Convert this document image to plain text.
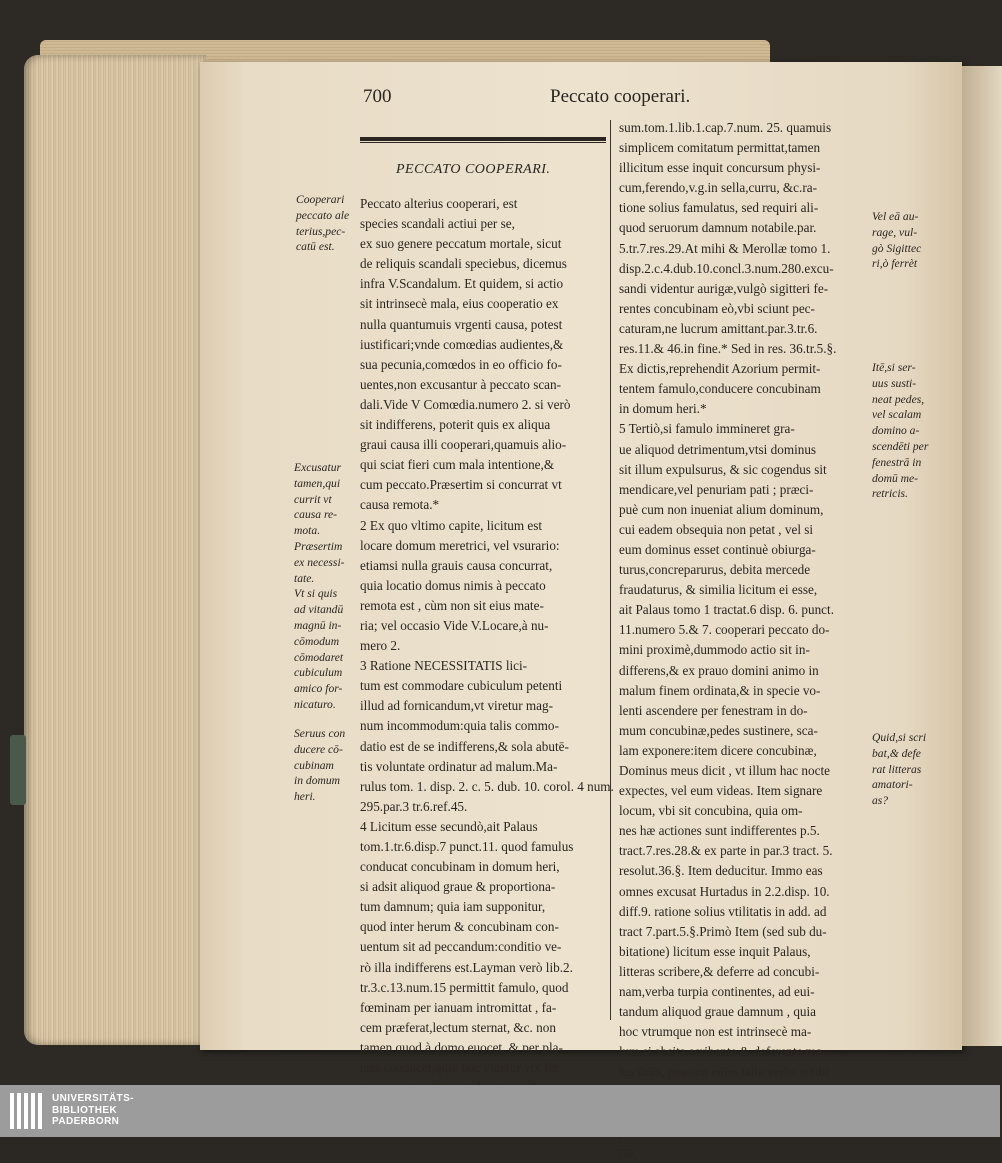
700	Peccato cooperari.
PECCATO COOPERARI.
Peccato alterius cooperari, est
species scandali actiui per se,
ex suo genere peccatum mortale, sicut
de reliquis scandali speciebus, dicemus
infra V.Scandalum. Et quidem, si actio
sit intrinsecè mala, eius cooperatio ex
nulla quantumuis vrgenti causa, potest
iustificari;vnde comœdias audientes,&
sua pecunia,comœdos in eo officio fo-
uentes,non excusantur à peccato scan-
dali.Vide V Comœdia.numero 2. si verò
sit indifferens, poterit quis ex aliqua
graui causa illi cooperari,quamuis alio-
qui sciat fieri cum mala intentione,&
cum peccato.Præsertim si concurrat vt
causa remota.*
2 Ex quo vltimo capite, licitum est
locare domum meretrici, vel vsurario:
etiamsi nulla grauis causa concurrat,
quia locatio domus nimis à peccato
remota est , cùm non sit eius mate-
ria; vel occasio Vide V.Locare,à nu-
mero 2.
3 Ratione NECESSITATIS lici-
tum est commodare cubiculum petenti
illud ad fornicandum,vt viretur mag-
num incommodum:quia talis commo-
datio est de se indifferens,& sola abutē-
tis voluntate ordinatur ad malum.Ma-
rulus tom. 1. disp. 2. c. 5. dub. 10. corol. 4 num.
295.par.3 tr.6.ref.45.
4 Licitum esse secundò,ait Palaus
tom.1.tr.6.disp.7 punct.11. quod famulus
conducat concubinam in domum heri,
si adsit aliquod graue & proportiona-
tum damnum; quia iam supponitur,
quod inter herum & concubinam con-
uentum sit ad peccandum:conditio ve-
rò illa indifferens est.Layman verò lib.2.
tr.3.c.13.num.15 permittit famulo, quod
fœminam per ianuam intromittat , fa-
cem præferat,lectum sternat, &c. non
tamen quod à domo euocet, & per pla-
teas conducat;quia hoc videtur vix fie-
sum.tom.1.lib.1.cap.7.num. 25. quamuis
simplicem comitatum permittat,tamen
illicitum esse inquit concursum physi-
cum,ferendo,v.g.in sella,curru, &c.ra-
tione solius famulatus, sed requiri ali-
quod seruorum damnum notabile.par.
5.tr.7.res.29.At mihi & Merollæ tomo 1.
disp.2.c.4.dub.10.concl.3.num.280.excu-
sandi videntur aurigæ,vulgò sigitteri fe-
rentes concubinam eò,vbi sciunt pec-
caturam,ne lucrum amittant.par.3.tr.6.
res.11.& 46.in fine.* Sed in res. 36.tr.5.§.
Ex dictis,reprehendit Azorium permit-
tentem famulo,conducere concubinam
in domum heri.*
5 Tertiò,si famulo immineret gra-
ue aliquod detrimentum,vtsi dominus
sit illum expulsurus, & sic cogendus sit
mendicare,vel penuriam pati ; præci-
puè cum non inueniat alium dominum,
cui eadem obsequia non petat , vel si
eum dominus esset continuè obiurga-
turus,concreparurus, debita mercede
fraudaturus, & similia licitum ei esse,
ait Palaus tomo 1 tractat.6 disp. 6. punct.
11.numero 5.& 7. cooperari peccato do-
mini proximè,dummodo actio sit in-
differens,& ex prauo domini animo in
malum finem ordinata,& in specie vo-
lenti ascendere per fenestram in do-
mum concubinæ,pedes sustinere, sca-
lam exponere:item dicere concubinæ,
Dominus meus dicit , vt illum hac nocte
expectes, vel eum videas. Item signare
locum, vbi sit concubina, quia om-
nes hæ actiones sunt indifferentes p.5.
tract.7.res.28.& ex parte in par.3 tract. 5.
resolut.36.§. Item deducitur. Immo eas
omnes excusat Hurtadus in 2.2.disp. 10.
diff.9. ratione solius vtilitatis in add. ad
tract 7.part.5.§.Primò Item (sed sub du-
bitatione) licitum esse inquit Palaus,
litteras scribere,& deferre ad concubi-
nam,verba turpia continentes, ad eui-
tandum aliquod graue damnum , quia
hoc vtrumque non est intrinsecè ma-
lum,si absita scribente & deferente ma-
lus finis, possunt enim talia verba scribi
riò,
Cooperari
peccato ale
terius,pec-
catū est.
Excusatur
tamen,qui
currit vt
causa re-
mota.
Præsertim
ex necessi-
tate.
Vt si quis
ad vitandū
magnū in-
cōmodum
cōmodaret
cubiculum
amico for-
nicaturo.
Seruus con
ducere cō-
cubinam
in domum
heri.
Vel eā au-
rage, vul-
gò Sigittec
ri,ò ferrèt
Itē,si ser-
uus susti-
neat pedes,
vel scalam
domino a-
scendēti per
fenestrā in
domū me-
retricis.
Quid,si scri
bat,& defe
rat litteras
amatori-
as?
UNIVERSITÄTS-
BIBLIOTHEK
PADERBORN
